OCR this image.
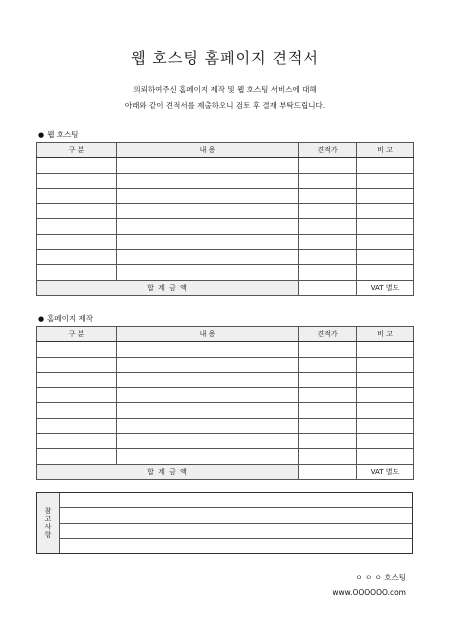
웹 호스팅 홈페이지 견적서
의뢰하여주신 홈페이지 제작 및 웹 호스팅 서비스에 대해
아래와 같이 견적서를 제출하오니 검토 후 결재 부탁드립니다.
● 웹 호스팅
구 분	내 용	견적가	비 고

합 계 금 액			VAT 별도
● 홈페이지 제작
구 분	내 용	견적가	비 고

합 계 금 액			VAT 별도
참고사항
ㅇ ㅇ ㅇ 호스팅
www.OOOOOO.com
